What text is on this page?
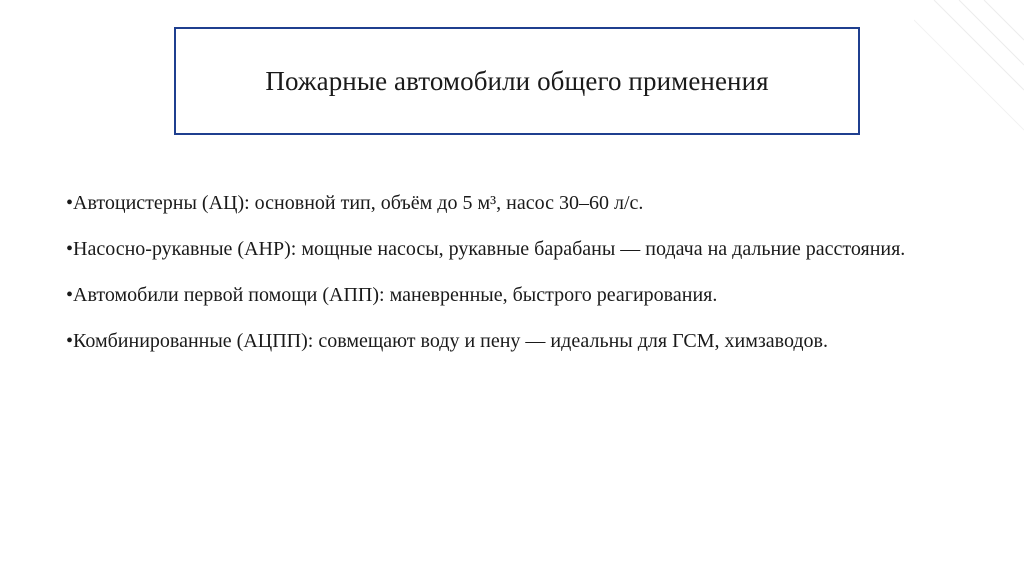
Пожарные автомобили общего применения

•Автоцистерны (АЦ): основной тип, объём до 5 м³, насос 30–60 л/с.

•Насосно-рукавные (АНР): мощные насосы, рукавные барабаны — подача на дальние расстояния.

•Автомобили первой помощи (АПП): маневренные, быстрого реагирования.

•Комбинированные (АЦПП): совмещают воду и пену — идеальны для ГСМ, химзаводов.
